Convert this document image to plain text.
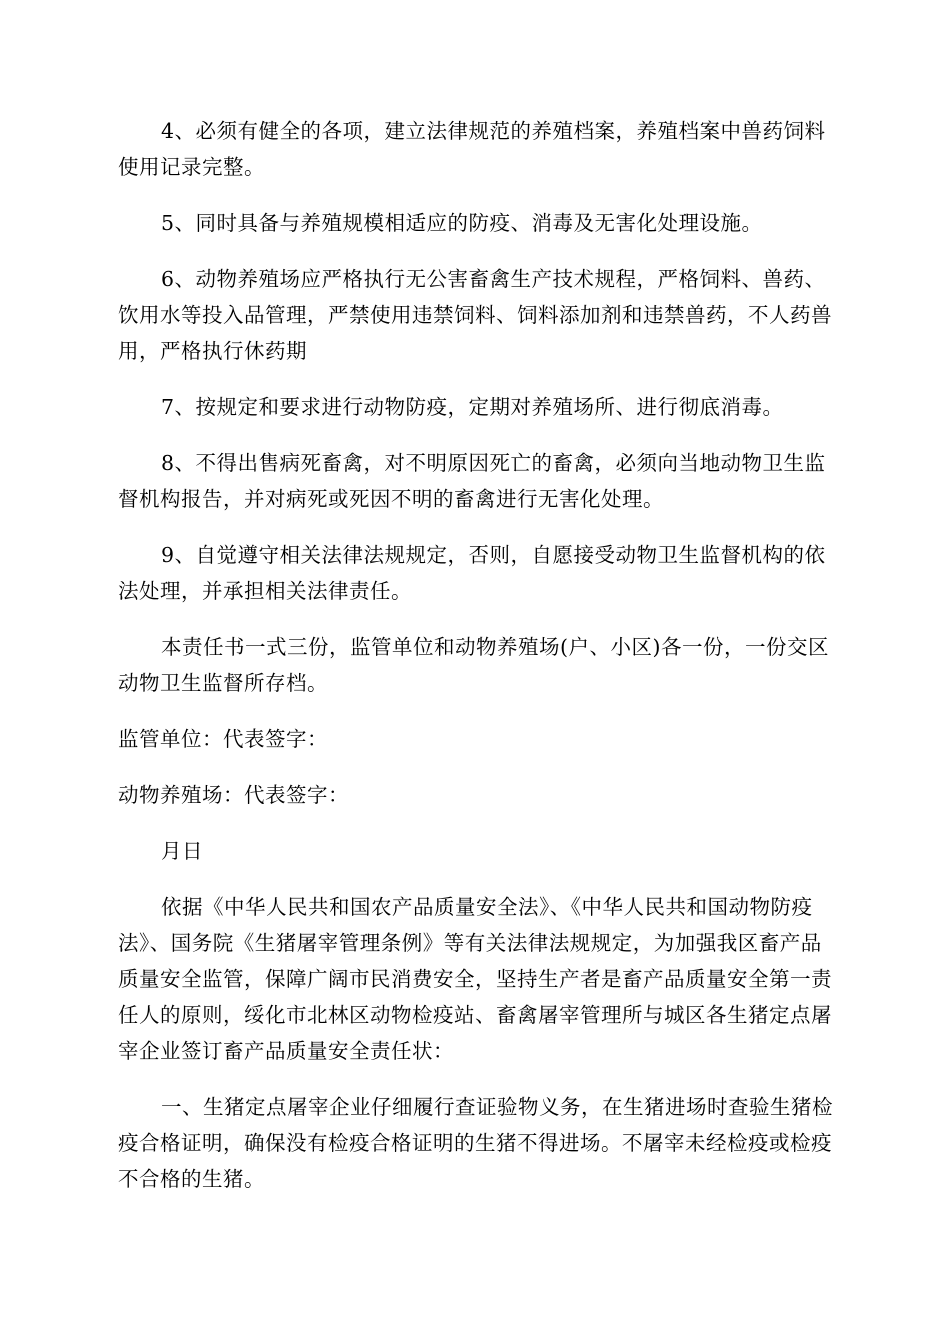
4、必须有健全的各项，建立法律规范的养殖档案，养殖档案中兽药饲料使用记录完整。

5、同时具备与养殖规模相适应的防疫、消毒及无害化处理设施。

6、动物养殖场应严格执行无公害畜禽生产技术规程，严格饲料、兽药、饮用水等投入品管理，严禁使用违禁饲料、饲料添加剂和违禁兽药，不人药兽用，严格执行休药期

7、按规定和要求进行动物防疫，定期对养殖场所、进行彻底消毒。

8、不得出售病死畜禽，对不明原因死亡的畜禽，必须向当地动物卫生监督机构报告，并对病死或死因不明的畜禽进行无害化处理。

9、自觉遵守相关法律法规规定，否则，自愿接受动物卫生监督机构的依法处理，并承担相关法律责任。

本责任书一式三份，监管单位和动物养殖场(户、小区)各一份，一份交区动物卫生监督所存档。

监管单位：代表签字：

动物养殖场：代表签字：

月日

依据《中华人民共和国农产品质量安全法》、《中华人民共和国动物防疫法》、国务院《生猪屠宰管理条例》等有关法律法规规定，为加强我区畜产品质量安全监管，保障广阔市民消费安全，坚持生产者是畜产品质量安全第一责任人的原则，绥化市北林区动物检疫站、畜禽屠宰管理所与城区各生猪定点屠宰企业签订畜产品质量安全责任状：

一、生猪定点屠宰企业仔细履行查证验物义务，在生猪进场时查验生猪检疫合格证明，确保没有检疫合格证明的生猪不得进场。不屠宰未经检疫或检疫不合格的生猪。
